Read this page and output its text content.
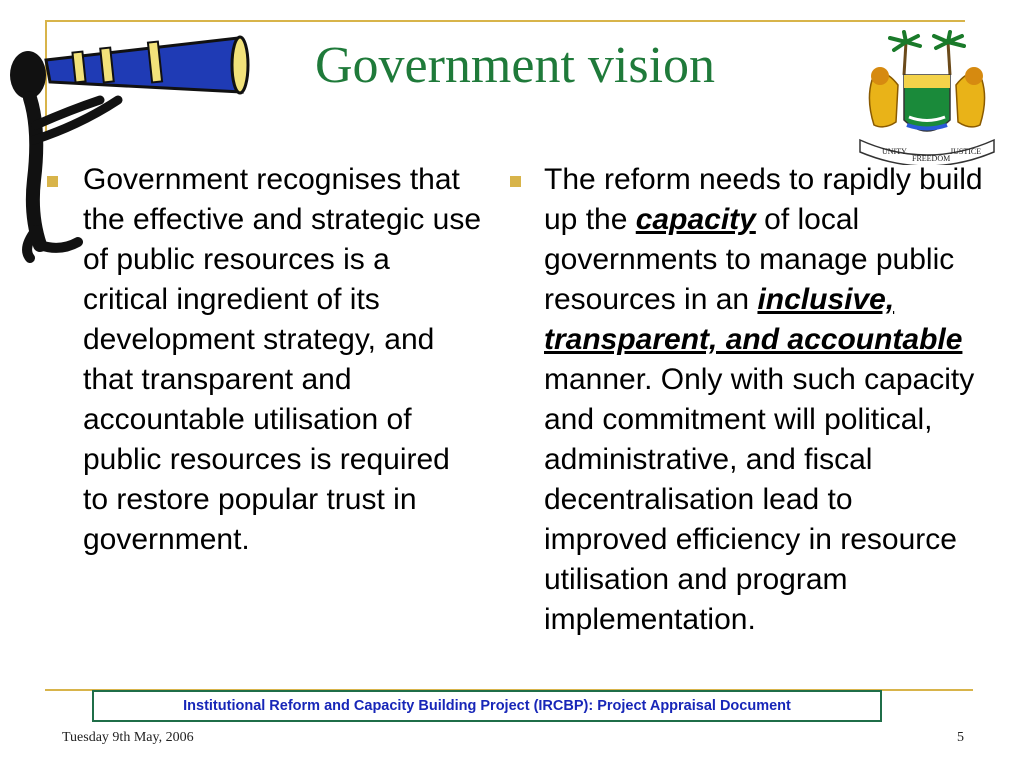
Government vision
UNITY
FREEDOM
JUSTICE
Government recognises that the effective and strategic use of public resources is a critical ingredient of its development strategy, and that transparent and accountable utilisation of public resources is required to restore popular trust in government.
The reform needs to rapidly build up the capacity of local governments to manage public resources in an inclusive, transparent, and accountable manner. Only with such capacity and commitment will political, administrative, and fiscal decentralisation lead to improved efficiency in resource utilisation and program implementation.
Institutional Reform and Capacity Building Project (IRCBP): Project Appraisal Document
Tuesday 9th May, 2006	5
